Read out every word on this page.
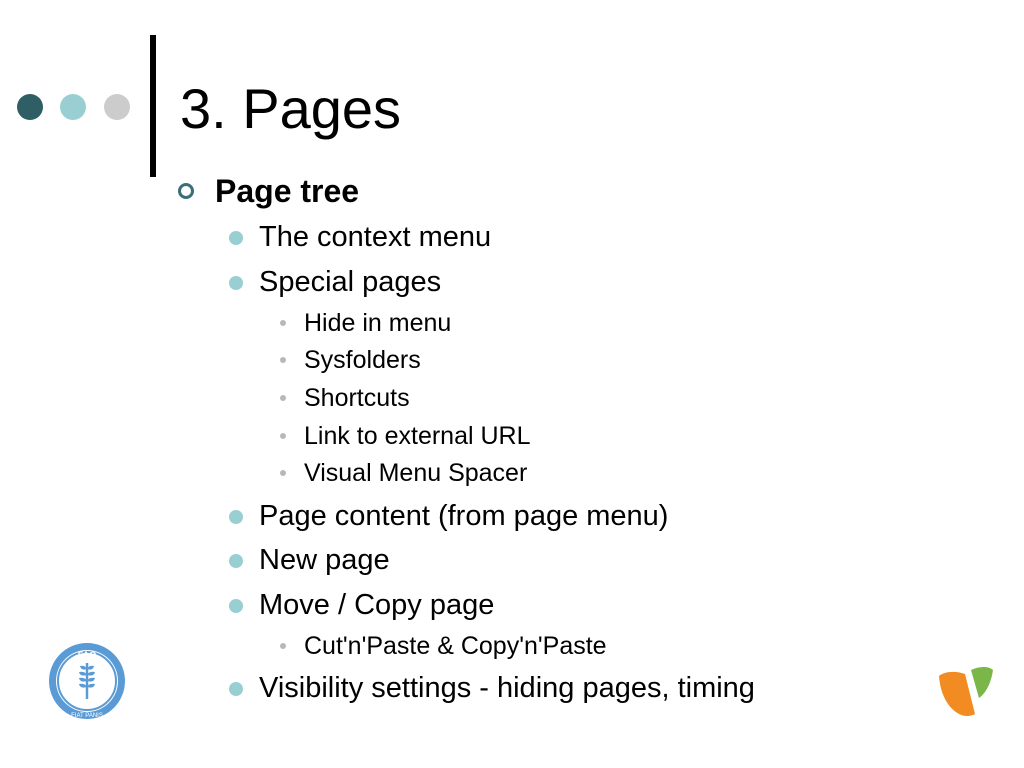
3. Pages
Page tree
The context menu
Special pages
Hide in menu
Sysfolders
Shortcuts
Link to external URL
Visual Menu Spacer
Page content (from page menu)
New page
Move / Copy page
Cut'n'Paste & Copy'n'Paste
Visibility settings - hiding pages, timing
FAO
FIAT PANIS
